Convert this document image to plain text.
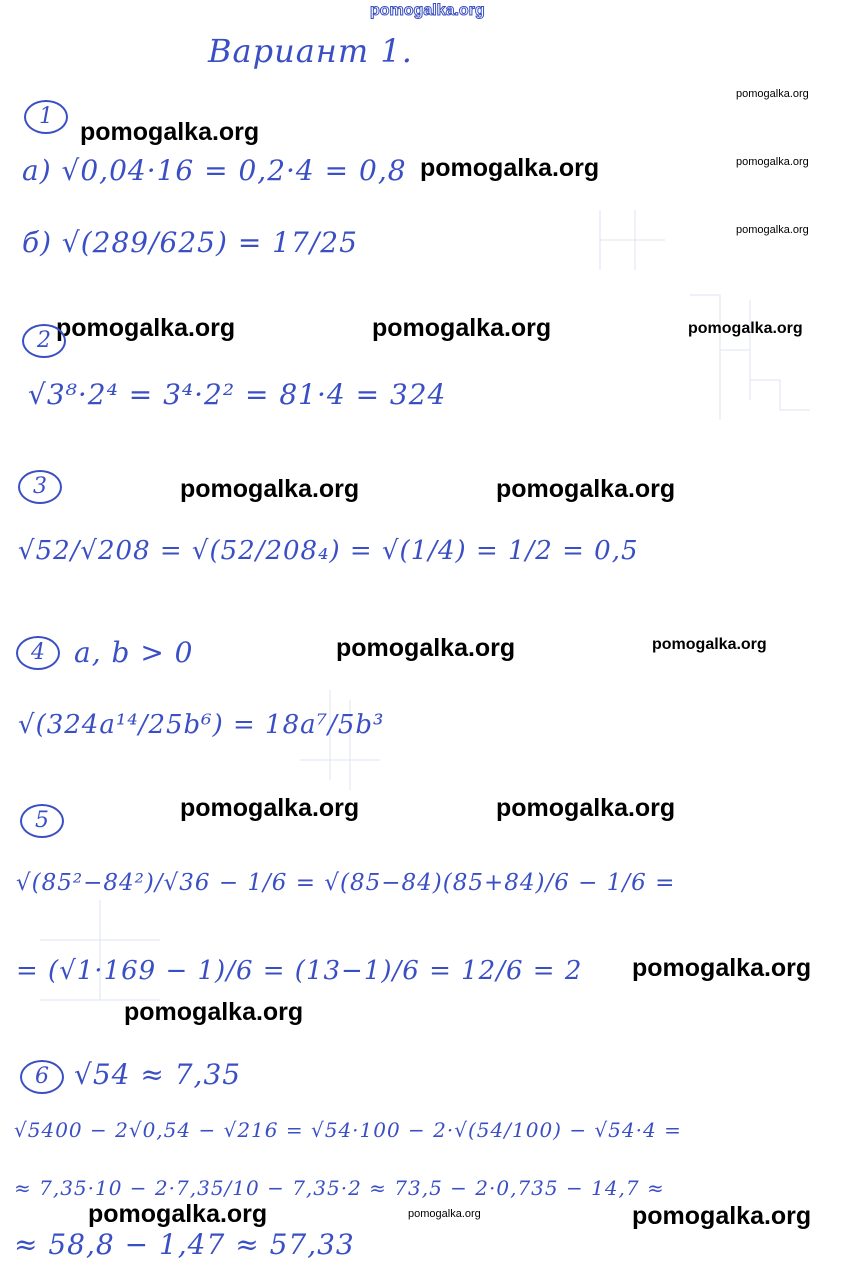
pomogalka.org
Вариант 1.
pomogalka.org
pomogalka.org
pomogalka.org	pomogalka.org
pomogalka.org
pomogalka.org	pomogalka.org	pomogalka.org
pomogalka.org	pomogalka.org
pomogalka.org	pomogalka.org
pomogalka.org	pomogalka.org
pomogalka.org
pomogalka.org
pomogalka.org	pomogalka.org	pomogalka.org
1
а) √0,04·16 = 0,2·4 = 0,8
б) √(289/625) = 17/25
2
√3⁸·2⁴ = 3⁴·2² = 81·4 = 324
3
√52/√208 = √(52/208₄) = √(1/4) = 1/2 = 0,5
4	a, b > 0
√(324a¹⁴/25b⁶) = 18a⁷/5b³
5
√(85²−84²)/√36 − 1/6 = √(85−84)(85+84)/6 − 1/6 =
= (√1·169 − 1)/6 = (13−1)/6 = 12/6 = 2
6 √54 ≈ 7,35
√5400 − 2√0,54 − √216 = √54·100 − 2·√(54/100) − √54·4 =
≈ 7,35·10 − 2·7,35/10 − 7,35·2 ≈ 73,5 − 2·0,735 − 14,7 ≈
≈ 58,8 − 1,47 ≈ 57,33
